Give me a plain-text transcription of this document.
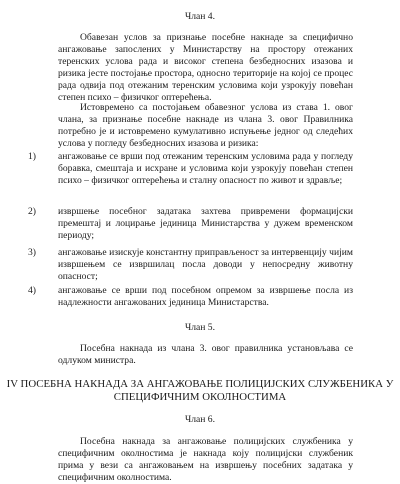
Члан 4.
Обавезан услов за признање посебне накнаде за специфично ангажовање запослених у Министарству на простору отежаних теренских услова рада и високог степена безбедносних изазова и ризика јесте постојање простора, односно територије на којој се процес рада одвија под отежаним теренским условима који узрокују повећан степен психо – физичког оптерећења.
Истовремено са постојањем обавезног услова из става 1. овог члана, за признање посебне накнаде из члана 3. овог Правилника потребно је и истовремено кумулативно испуњење једног од следећих услова у погледу безбедносних изазова и ризика:
1) ангажовање се врши под отежаним теренским условима рада у погледу боравка, смештаја и исхране и условима који узрокују повећан степен психо – физичког оптерећења и сталну опасност по живот и здравље;
2) извршење посебног задатака захтева привремени формацијски премештај и лоцирање јединица Министарства у дужем временском периоду;
3) ангажовање изискује константну приправљеност за интервенцију чијим извршењем се извршилац посла доводи у непосредну животну опасност;
4) ангажовање се врши под посебном опремом за извршење посла из надлежности ангажованих јединица Министарства.
Члан 5.
Посебна накнада из члана 3. овог правилника установљава се одлуком министра.
IV ПОСЕБНА НАКНАДА ЗА АНГАЖОВАЊЕ ПОЛИЦИЈСКИХ СЛУЖБЕНИКА У
СПЕЦИФИЧНИМ ОКОЛНОСТИМА
Члан 6.
Посебна накнада за ангажовање полицијских службеника у специфичним околностима је накнада коју полицијски службеник прима у вези са ангажовањем на извршењу посебних задатака у специфичним околностима.
